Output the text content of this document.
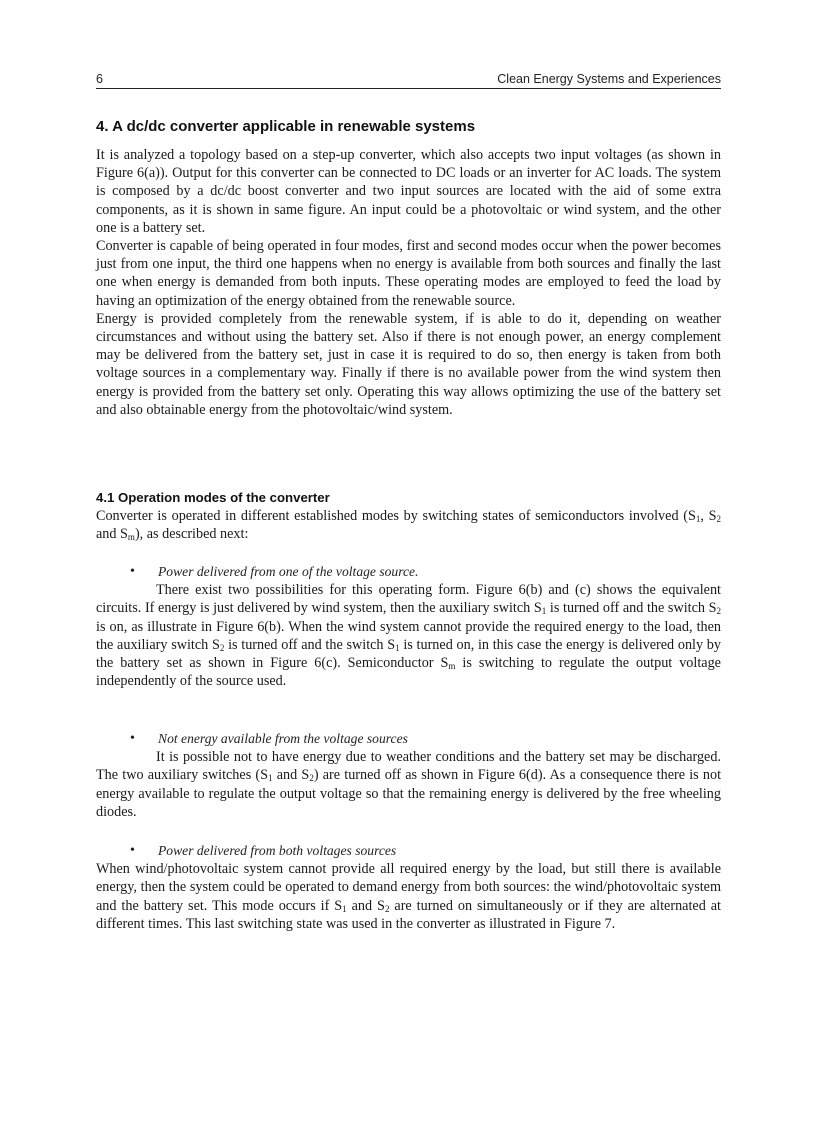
6	Clean Energy Systems and Experiences
4. A dc/dc converter applicable in renewable systems

It is analyzed a topology based on a step-up converter, which also accepts two input voltages (as shown in Figure 6(a)). Output for this converter can be connected to DC loads or an inverter for AC loads. The system is composed by a dc/dc boost converter and two input sources are located with the aid of some extra components, as it is shown in same figure. An input could be a photovoltaic or wind system, and the other one is a battery set.

Converter is capable of being operated in four modes, first and second modes occur when the power becomes just from one input, the third one happens when no energy is available from both sources and finally the last one when energy is demanded from both inputs. These operating modes are employed to feed the load by having an optimization of the energy obtained from the renewable source.

Energy is provided completely from the renewable system, if is able to do it, depending on weather circumstances and without using the battery set. Also if there is not enough power, an energy complement may be delivered from the battery set, just in case it is required to do so, then energy is taken from both voltage sources in a complementary way. Finally if there is no available power from the wind system then energy is provided from the battery set only. Operating this way allows optimizing the use of the battery set and also obtainable energy from the photovoltaic/wind system.

4.1 Operation modes of the converter

Converter is operated in different established modes by switching states of semiconductors involved ($S_1$, $S_2$ and $S_m$), as described next:

• Power delivered from one of the voltage source.

There exist two possibilities for this operating form. Figure 6(b) and (c) shows the equivalent circuits. If energy is just delivered by wind system, then the auxiliary switch $S_1$ is turned off and the switch $S_2$ is on, as illustrate in Figure 6(b). When the wind system cannot provide the required energy to the load, then the auxiliary switch $S_2$ is turned off and the switch $S_1$ is turned on, in this case the energy is delivered only by the battery set as shown in Figure 6(c). Semiconductor $S_m$ is switching to regulate the output voltage independently of the source used.

• Not energy available from the voltage sources

It is possible not to have energy due to weather conditions and the battery set may be discharged. The two auxiliary switches ($S_1$ and $S_2$) are turned off as shown in Figure 6(d). As a consequence there is not energy available to regulate the output voltage so that the remaining energy is delivered by the free wheeling diodes.

• Power delivered from both voltages sources

When wind/photovoltaic system cannot provide all required energy by the load, but still there is available energy, then the system could be operated to demand energy from both sources: the wind/photovoltaic system and the battery set. This mode occurs if $S_1$ and $S_2$ are turned on simultaneously or if they are alternated at different times. This last switching state was used in the converter as illustrated in Figure 7.
